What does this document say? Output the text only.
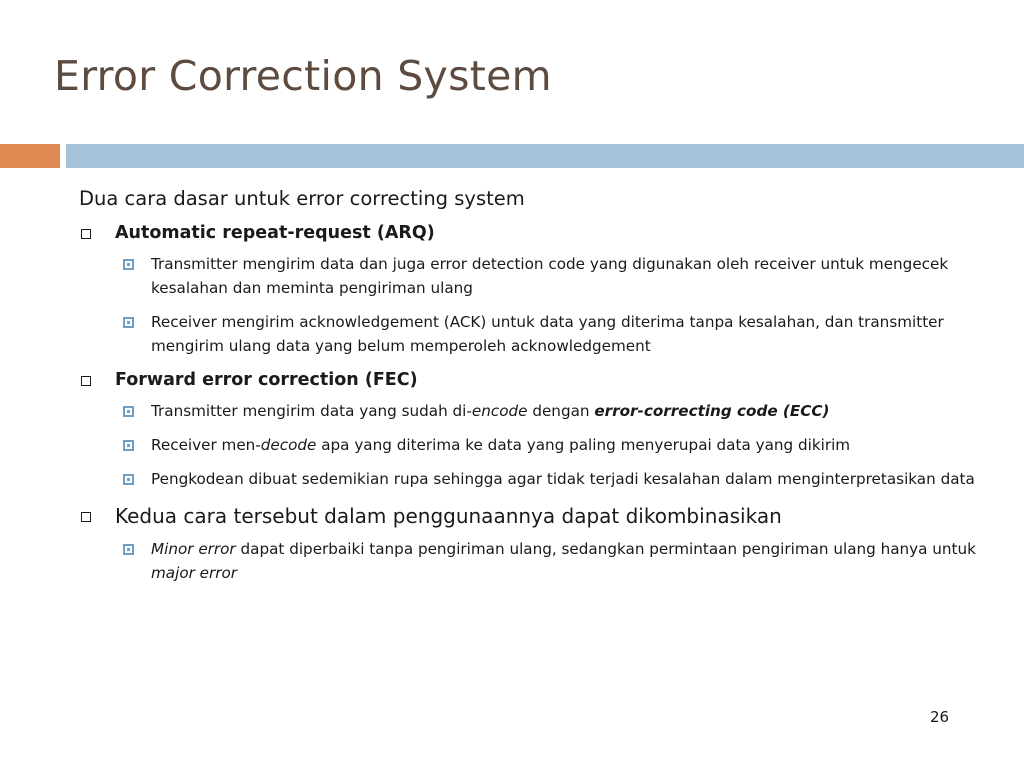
Error Correction System
Dua cara dasar untuk error correcting system
Automatic repeat-request (ARQ)
Transmitter mengirim data dan juga error detection code yang digunakan oleh receiver untuk mengecek kesalahan dan meminta pengiriman ulang
Receiver mengirim acknowledgement (ACK) untuk data yang diterima tanpa kesalahan, dan transmitter mengirim ulang data yang belum memperoleh acknowledgement
Forward error correction (FEC)
Transmitter mengirim data yang sudah di-encode dengan error-correcting code (ECC)
Receiver men-decode apa yang diterima ke data yang paling menyerupai data yang dikirim
Pengkodean dibuat sedemikian rupa sehingga agar tidak terjadi kesalahan dalam menginterpretasikan data
Kedua cara tersebut dalam penggunaannya dapat dikombinasikan
Minor error dapat diperbaiki tanpa pengiriman ulang, sedangkan permintaan pengiriman ulang hanya untuk major error
26
